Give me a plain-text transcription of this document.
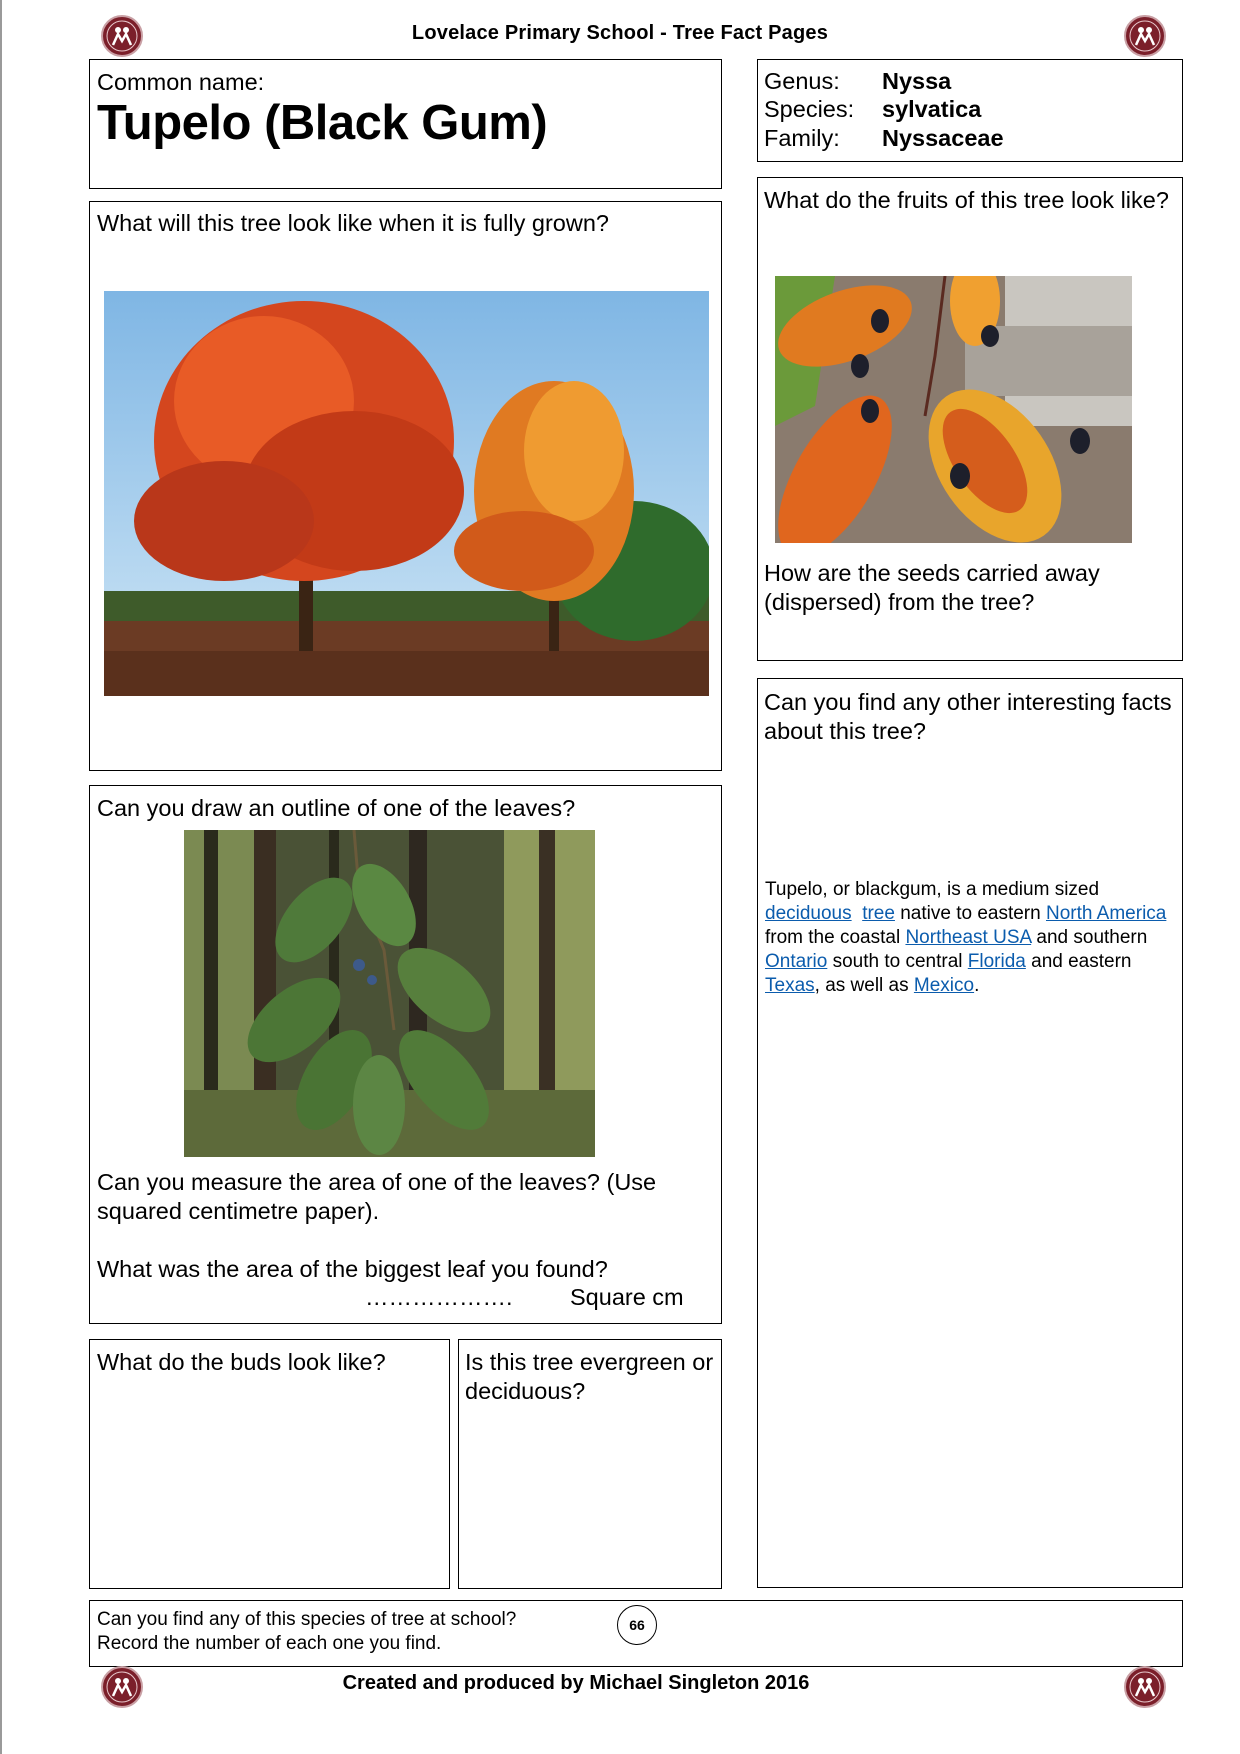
Lovelace Primary School - Tree Fact Pages
Common name:
Tupelo (Black Gum)
Genus: Nyssa
Species: sylvatica
Family: Nyssaceae
What will this tree look like when it is fully grown?
What do the fruits of this tree look like?
How are the seeds carried away (dispersed) from the tree?
Can you find any other interesting facts about this tree?
Tupelo, or blackgum, is a medium sized deciduous tree native to eastern North America from the coastal Northeast USA and southern Ontario south to central Florida and eastern Texas, as well as Mexico.
Can you draw an outline of one of the leaves?
Can you measure the area of one of the leaves? (Use squared centimetre paper).
What was the area of the biggest leaf you found?
………………. Square cm
What do the buds look like?	Is this tree evergreen or deciduous?
Can you find any of this species of tree at school?
Record the number of each one you find.
66
Created and produced by Michael Singleton 2016
